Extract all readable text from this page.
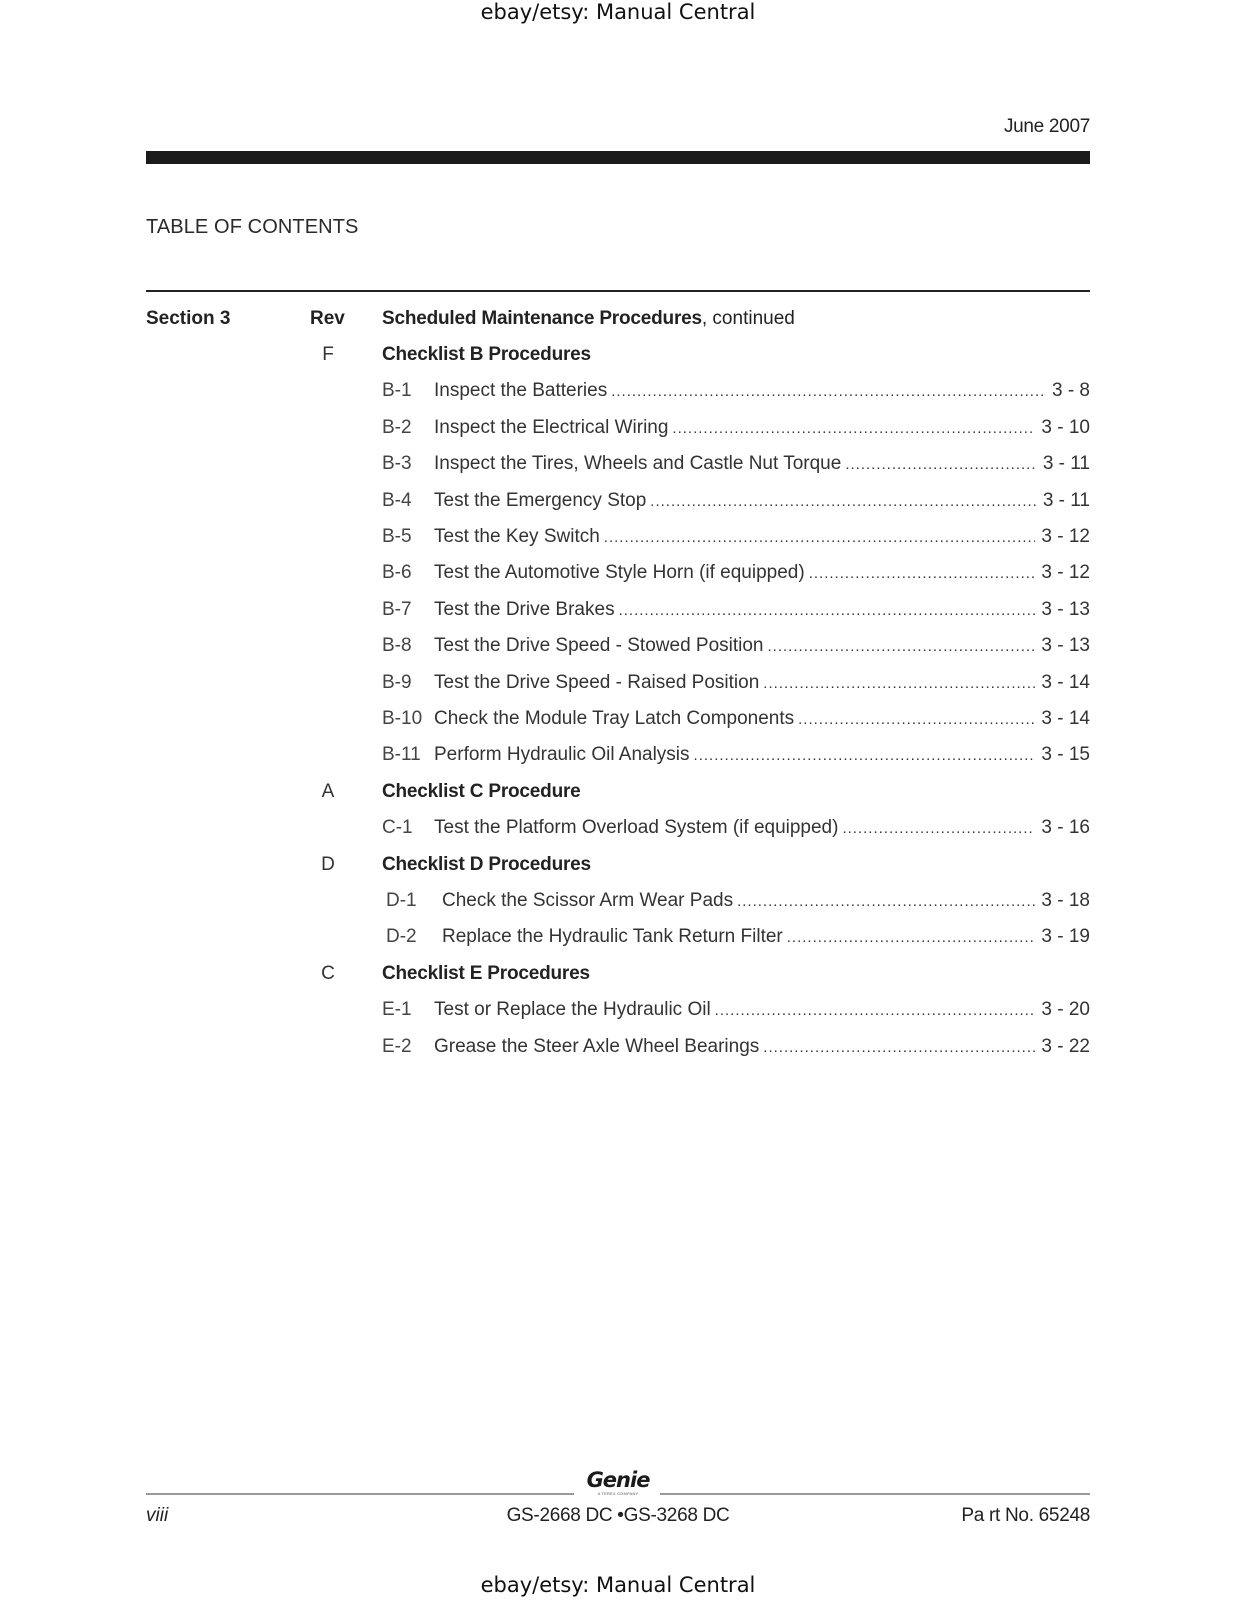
ebay/etsy: Manual Central
June 2007
TABLE OF CONTENTS
Section 3	Rev Scheduled Maintenance Procedures, continued
F	Checklist B Procedures
B-1	Inspect the Batteries .....	3 - 8
B-2	Inspect the Electrical Wiring .....	3 - 10
B-3	Inspect the Tires, Wheels and Castle Nut Torque .....	3 - 11
B-4	Test the Emergency Stop .....	3 - 11
B-5	Test the Key Switch .....	3 - 12
B-6	Test the Automotive Style Horn (if equipped) .....	3 - 12
B-7	Test the Drive Brakes .....	3 - 13
B-8	Test the Drive Speed - Stowed Position .....	3 - 13
B-9	Test the Drive Speed - Raised Position .....	3 - 14
B-10 Check the Module Tray Latch Components .....	3 - 14
B-11 Perform Hydraulic Oil Analysis .....	3 - 15
A	Checklist C Procedure
C-1	Test the Platform Overload System (if equipped) .....	3 - 16
D	Checklist D Procedures
D-1	Check the Scissor Arm Wear Pads .....	3 - 18
D-2	Replace the Hydraulic Tank Return Filter .....	3 - 19
C	Checklist E Procedures
E-1	Test or Replace the Hydraulic Oil .....	3 - 20
E-2	Grease the Steer Axle Wheel Bearings .....	3 - 22
Genie
A TEREX COMPANY
viii	GS-2668 DC •GS-3268 DC	Pa rt No. 65248
ebay/etsy: Manual Central
